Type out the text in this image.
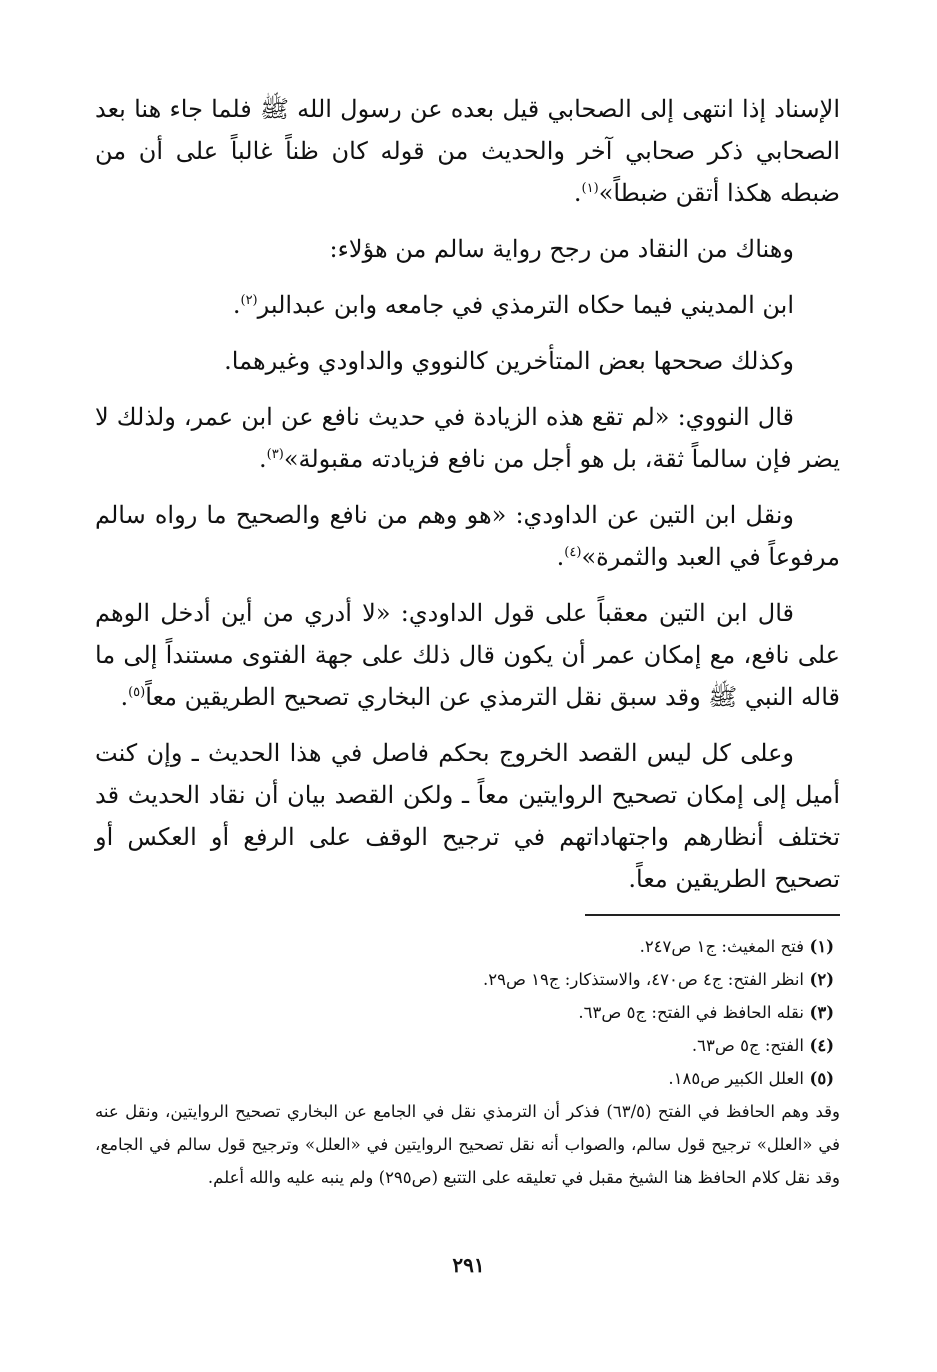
الإسناد إذا انتهى إلى الصحابي قيل بعده عن رسول الله ﷺ فلما جاء هنا بعد الصحابي ذكر صحابي آخر والحديث من قوله كان ظناً غالباً على أن من ضبطه هكذا أتقن ضبطاً»$^{(١)}$.

وهناك من النقاد من رجح رواية سالم من هؤلاء:

ابن المديني فيما حكاه الترمذي في جامعه وابن عبدالبر$^{(٢)}$.

وكذلك صححها بعض المتأخرين كالنووي والداودي وغيرهما.

قال النووي: «لم تقع هذه الزيادة في حديث نافع عن ابن عمر، ولذلك لا يضر فإن سالماً ثقة، بل هو أجل من نافع فزيادته مقبولة»$^{(٣)}$.

ونقل ابن التين عن الداودي: «هو وهم من نافع والصحيح ما رواه سالم مرفوعاً في العبد والثمرة»$^{(٤)}$.

قال ابن التين معقباً على قول الداودي: «لا أدري من أين أدخل الوهم على نافع، مع إمكان عمر أن يكون قال ذلك على جهة الفتوى مستنداً إلى ما قاله النبي ﷺ وقد سبق نقل الترمذي عن البخاري تصحيح الطريقين معاً$^{(٥)}$.

وعلى كل ليس القصد الخروج بحكم فاصل في هذا الحديث ـ وإن كنت أميل إلى إمكان تصحيح الروايتين معاً ـ ولكن القصد بيان أن نقاد الحديث قد تختلف أنظارهم واجتهاداتهم في ترجيح الوقف على الرفع أو العكس أو تصحيح الطريقين معاً.

(١)
فتح المغيث: ج١ ص٢٤٧.
(٢)
انظر الفتح: ج٤ ص٤٧٠، والاستذكار: ج١٩ ص٢٩.
(٣)
نقله الحافظ في الفتح: ج٥ ص٦٣.
(٤)
الفتح: ج٥ ص٦٣.
(٥)
العلل الكبير ص١٨٥.
وقد وهم الحافظ في الفتح (٦٣/٥) فذكر أن الترمذي نقل في الجامع عن البخاري تصحيح الروايتين، ونقل عنه في «العلل» ترجيح قول سالم، والصواب أنه نقل تصحيح الروايتين في «العلل» وترجيح قول سالم في الجامع، وقد نقل كلام الحافظ هنا الشيخ مقبل في تعليقه على التتبع (ص٢٩٥) ولم ينبه عليه والله أعلم.
٢٩١
